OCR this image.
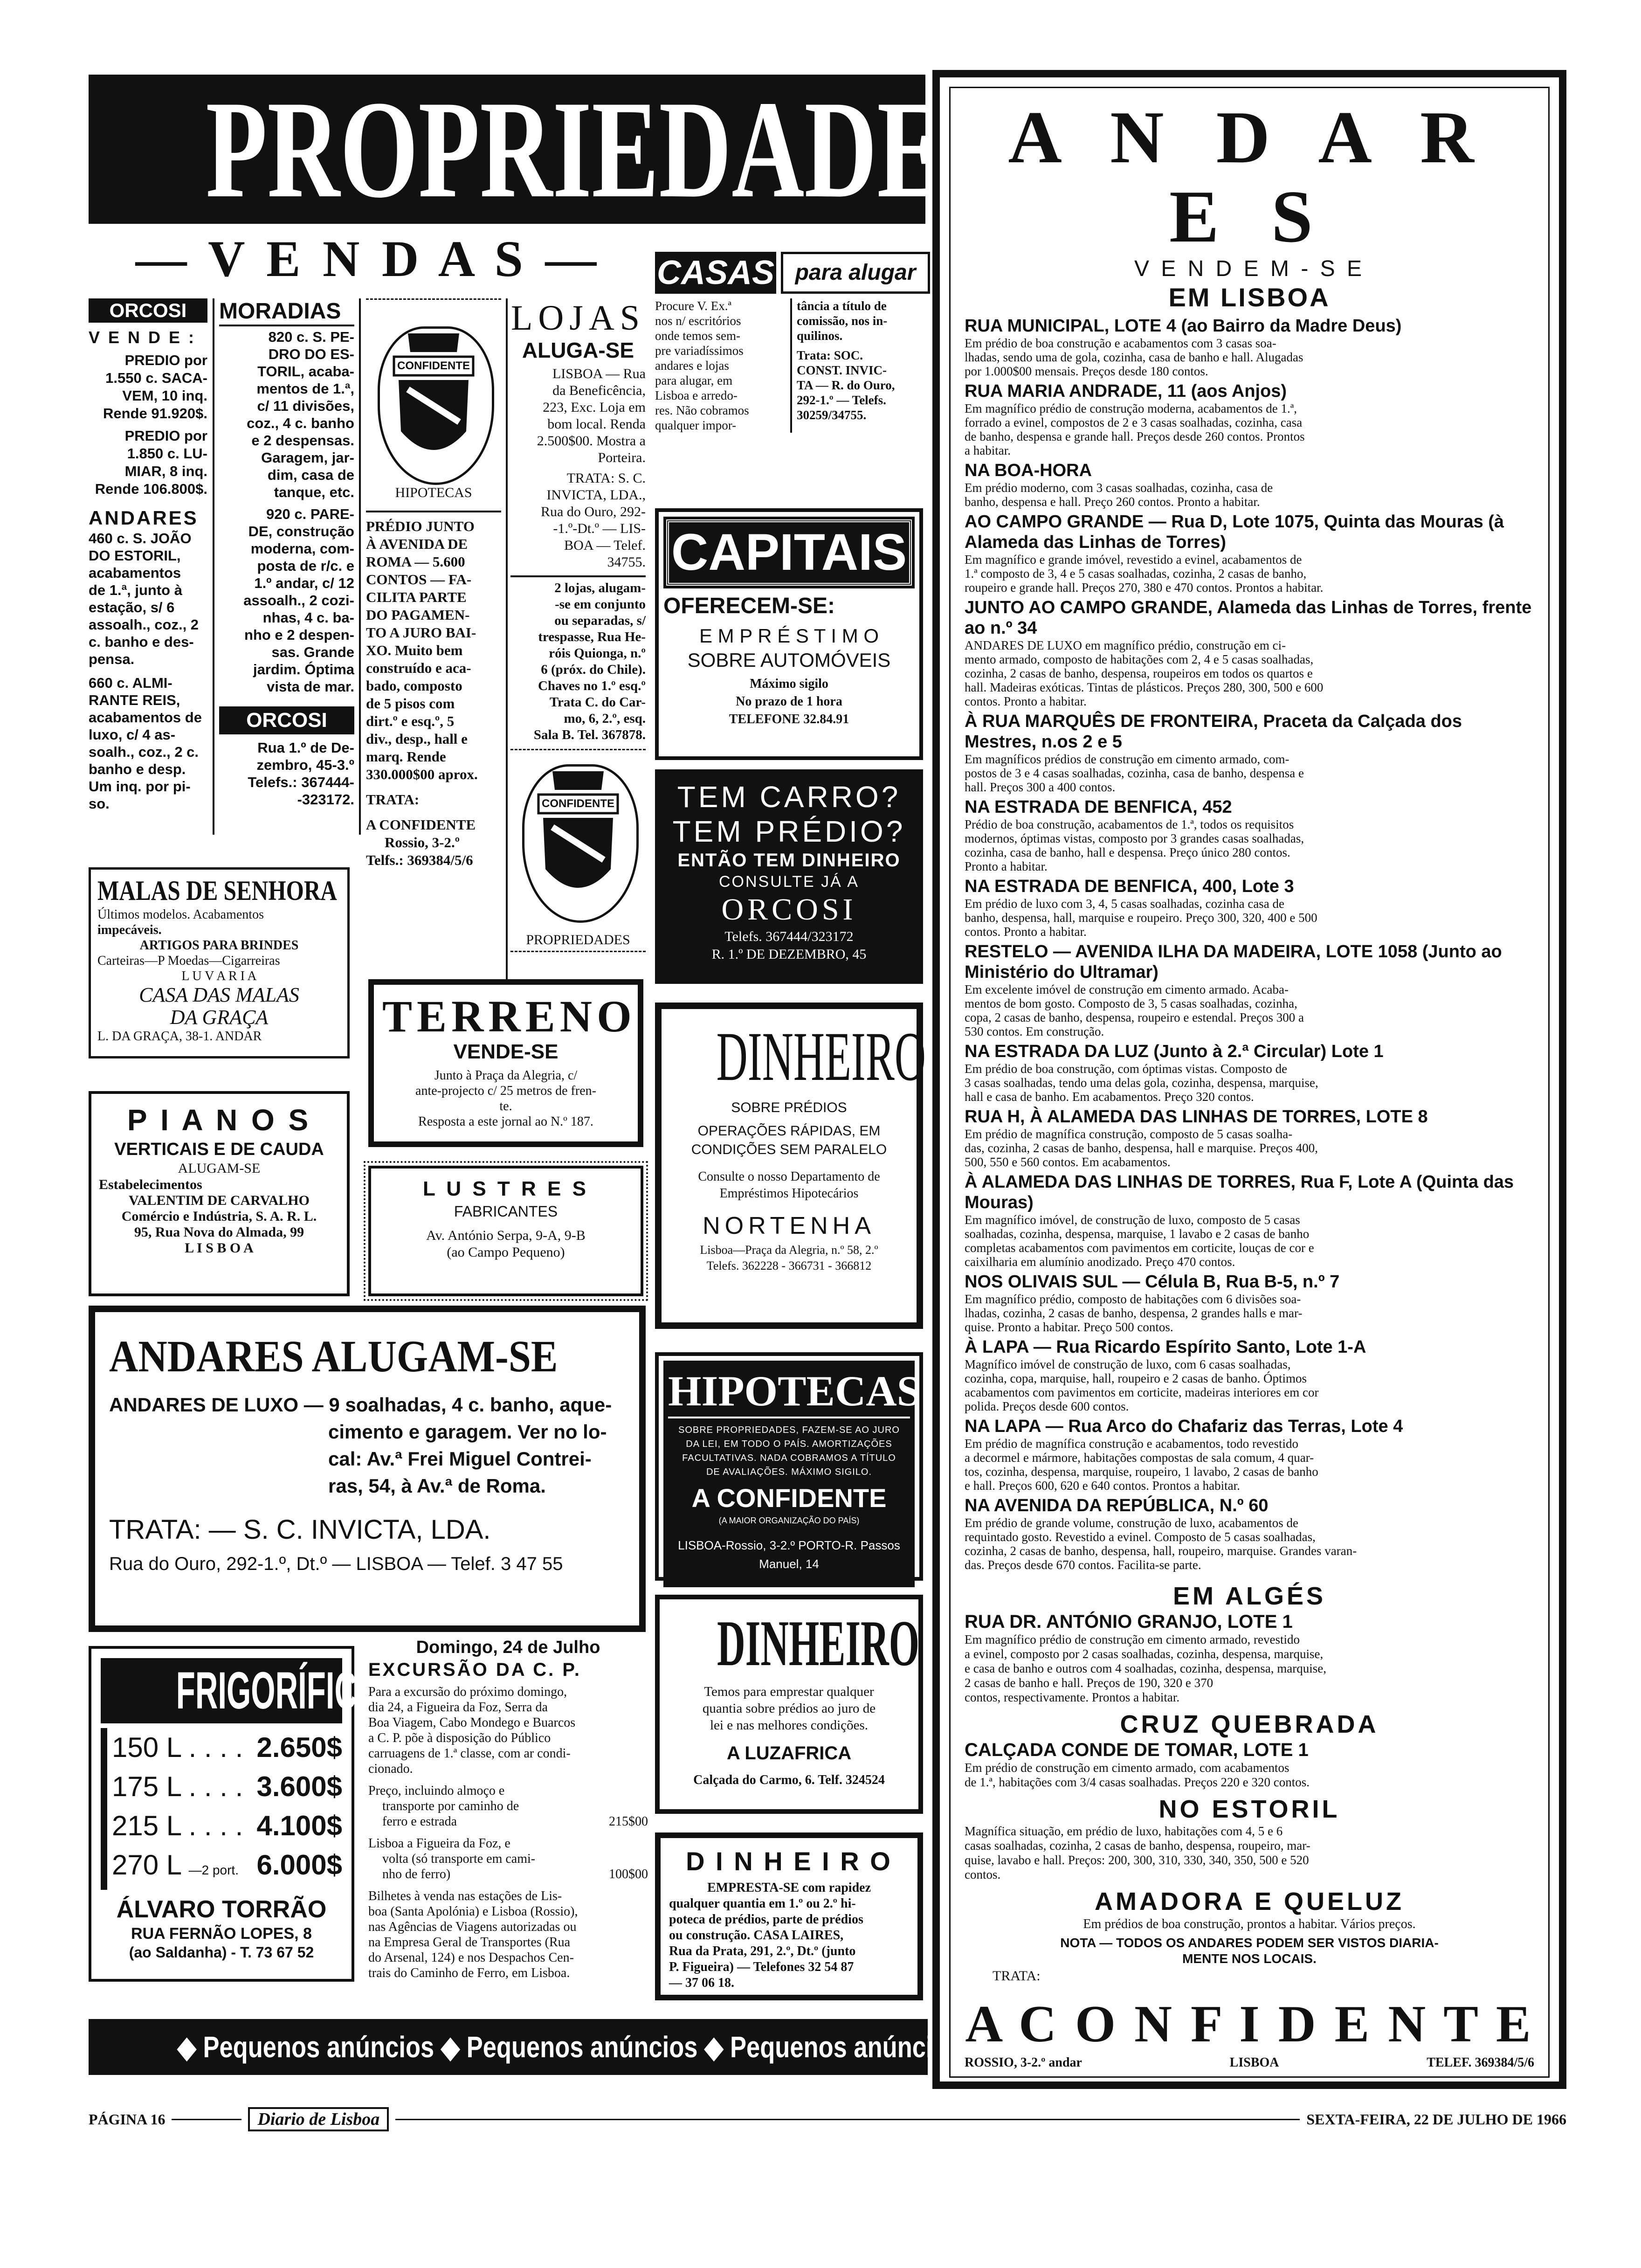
PROPRIEDADES
— V E N D A S —
ORCOSI
V E N D E :
PREDIO por
1.550 c. SACA-
VEM, 10 inq.
Rende 91.920$.
PREDIO por
1.850 c. LU-
MIAR, 8 inq.
Rende 106.800$.
ANDARES
460 c. S. JOÃO
DO ESTORIL,
acabamentos
de 1.ª, junto à
estação, s/ 6
assoalh., coz., 2
c. banho e des-
pensa.
660 c. ALMI-
RANTE REIS,
acabamentos de
luxo, c/ 4 as-
soalh., coz., 2 c.
banho e desp.
Um inq. por pi-
so.
MORADIAS
820 c. S. PE-
DRO DO ES-
TORIL, acaba-
mentos de 1.ª,
c/ 11 divisões,
coz., 4 c. banho
e 2 despensas.
Garagem, jar-
dim, casa de
tanque, etc.
920 c. PARE-
DE, construção
moderna, com-
posta de r/c. e
1.º andar, c/ 12
assoalh., 2 cozi-
nhas, 4 c. ba-
nho e 2 despen-
sas. Grande
jardim. Óptima
vista de mar.
ORCOSI
Rua 1.º de De-
zembro, 45-3.º
Telefs.: 367444-
-323172.
CONFIDENTE
HIPOTECAS
PRÉDIO JUNTO
À AVENIDA DE
ROMA — 5.600
CONTOS — FA-
CILITA PARTE
DO PAGAMEN-
TO A JURO BAI-
XO. Muito bem
construído e aca-
bado, composto
de 5 pisos com
dirt.º e esq.º, 5
div., desp., hall e
marq. Rende
330.000$00 aprox.
TRATA:
A CONFIDENTE
Rossio, 3-2.º
Telfs.: 369384/5/6
LOJAS
ALUGA-SE
LISBOA — Rua
da Beneficência,
223, Exc. Loja em
bom local. Renda
2.500$00. Mostra a
Porteira.
TRATA: S. C.
INVICTA, LDA.,
Rua do Ouro, 292-
-1.º-Dt.º — LIS-
BOA — Telef.
34755.
2 lojas, alugam-
-se em conjunto
ou separadas, s/
trespasse, Rua He-
róis Quionga, n.º
6 (próx. do Chile).
Chaves no 1.º esq.º
Trata C. do Car-
mo, 6, 2.º, esq.
Sala B. Tel. 367878.
CONFIDENTE
PROPRIEDADES
MALAS DE SENHORA
Últimos modelos. Acabamentos
impecáveis.
ARTIGOS PARA BRINDES
Carteiras—P Moedas—Cigarreiras
L U V A R I A
CASA DAS MALAS
DA GRAÇA
L. DA GRAÇA, 38-1. ANDAR
P I A N O S
VERTICAIS E DE CAUDA
ALUGAM-SE
Estabelecimentos
VALENTIM DE CARVALHO
Comércio e Indústria, S. A. R. L.
95, Rua Nova do Almada, 99
L I S B O A
TERRENO
VENDE-SE
Junto à Praça da Alegria, c/
ante-projecto c/ 25 metros de fren-
te.
Resposta a este jornal ao N.º 187.
L U S T R E S
FABRICANTES
Av. António Serpa, 9-A, 9-B
(ao Campo Pequeno)
ANDARES ALUGAM-SE
ANDARES DE LUXO — 9 soalhadas, 4 c. banho, aque-
cimento e garagem. Ver no lo-
cal: Av.ª Frei Miguel Contrei-
ras, 54, à Av.ª de Roma.
TRATA: — S. C. INVICTA, LDA.
Rua do Ouro, 292-1.º, Dt.º — LISBOA — Telef. 3 47 55
FRIGORÍFICOS
150 L . . . . 2.650$
175 L . . . . 3.600$
215 L . . . . 4.100$
270 L —2 port. 6.000$
ÁLVARO TORRÃO
RUA FERNÃO LOPES, 8
(ao Saldanha) - T. 73 67 52
Domingo, 24 de Julho
EXCURSÃO DA C. P.
Para a excursão do próximo domingo,
dia 24, a Figueira da Foz, Serra da
Boa Viagem, Cabo Mondego e Buarcos
a C. P. põe à disposição do Público
carruagens de 1.ª classe, com ar condi-
cionado.
Preço, incluindo almoço e
transporte por caminho de
ferro e estrada	215$00
Lisboa a Figueira da Foz, e
volta (só transporte em cami-
nho de ferro)	100$00
Bilhetes à venda nas estações de Lis-
boa (Santa Apolónia) e Lisboa (Rossio),
nas Agências de Viagens autorizadas ou
na Empresa Geral de Transportes (Rua
do Arsenal, 124) e nos Despachos Cen-
trais do Caminho de Ferro, em Lisboa.
◆ Pequenos anúncios ◆ Pequenos anúncios ◆ Pequenos anúncios ◆
CASAS para alugar
Procure V. Ex.ª
nos n/ escritórios
onde temos sem-
pre variadíssimos
andares e lojas
para alugar, em
Lisboa e arredo-
res. Não cobramos
qualquer impor-
tância a título de
comissão, nos in-
quilinos.
Trata: SOC.
CONST. INVIC-
TA — R. do Ouro,
292-1.º — Telefs.
30259/34755.
CAPITAIS
OFERECEM-SE:
E M P R É S T I M O
SOBRE AUTOMÓVEIS
Máximo sigilo
No prazo de 1 hora
TELEFONE 32.84.91
TEM CARRO?
TEM PRÉDIO?
ENTÃO TEM DINHEIRO
CONSULTE JÁ A
ORCOSI
Telefs. 367444/323172
R. 1.º DE DEZEMBRO, 45
DINHEIRO
SOBRE PRÉDIOS
OPERAÇÕES RÁPIDAS, EM
CONDIÇÕES SEM PARALELO
Consulte o nosso Departamento de
Empréstimos Hipotecários
NORTENHA
Lisboa—Praça da Alegria, n.º 58, 2.º
Telefs. 362228 - 366731 - 366812
HIPOTECAS
SOBRE PROPRIEDADES, FAZEM-SE AO JURO
DA LEI, EM TODO O PAÍS. AMORTIZAÇÕES
FACULTATIVAS. NADA COBRAMOS A TÍTULO
DE AVALIAÇÕES. MÁXIMO SIGILO.
A CONFIDENTE
(A MAIOR ORGANIZAÇÃO DO PAÍS)
LISBOA-Rossio, 3-2.º PORTO-R. Passos Manuel, 14
DINHEIRO
Temos para emprestar qualquer
quantia sobre prédios ao juro de
lei e nas melhores condições.
A LUZAFRICA
Calçada do Carmo, 6. Telf. 324524
D I N H E I R O
EMPRESTA-SE com rapidez
qualquer quantia em 1.º ou 2.º hi-
poteca de prédios, parte de prédios
ou construção. CASA LAIRES,
Rua da Prata, 291, 2.º, Dt.º (junto
P. Figueira) — Telefones 32 54 87
— 37 06 18.
A N D A R E S
V E N D E M - S E
EM LISBOA
RUA MUNICIPAL, LOTE 4 (ao Bairro da Madre Deus)
Em prédio de boa construção e acabamentos com 3 casas soa-
lhadas, sendo uma de gola, cozinha, casa de banho e hall. Alugadas
por 1.000$00 mensais. Preços desde 180 contos.
RUA MARIA ANDRADE, 11 (aos Anjos)
Em magnífico prédio de construção moderna, acabamentos de 1.ª,
forrado a evinel, compostos de 2 e 3 casas soalhadas, cozinha, casa
de banho, despensa e grande hall. Preços desde 260 contos. Prontos
a habitar.
NA BOA-HORA
Em prédio moderno, com 3 casas soalhadas, cozinha, casa de
banho, despensa e hall. Preço 260 contos. Pronto a habitar.
AO CAMPO GRANDE — Rua D, Lote 1075, Quinta das Mouras (à Alameda das Linhas de Torres)
Em magnífico e grande imóvel, revestido a evinel, acabamentos de
1.ª composto de 3, 4 e 5 casas soalhadas, cozinha, 2 casas de banho,
roupeiro e grande hall. Preços 270, 380 e 470 contos. Prontos a habitar.
JUNTO AO CAMPO GRANDE, Alameda das Linhas de Torres, frente ao n.º 34
ANDARES DE LUXO em magnífico prédio, construção em ci-
mento armado, composto de habitações com 2, 4 e 5 casas soalhadas,
cozinha, 2 casas de banho, despensa, roupeiros em todos os quartos e
hall. Madeiras exóticas. Tintas de plásticos. Preços 280, 300, 500 e 600
contos. Pronto a habitar.
À RUA MARQUÊS DE FRONTEIRA, Praceta da Calçada dos Mestres, n.os 2 e 5
Em magníficos prédios de construção em cimento armado, com-
postos de 3 e 4 casas soalhadas, cozinha, casa de banho, despensa e
hall. Preços 300 a 400 contos.
NA ESTRADA DE BENFICA, 452
Prédio de boa construção, acabamentos de 1.ª, todos os requisitos
modernos, óptimas vistas, composto por 3 grandes casas soalhadas,
cozinha, casa de banho, hall e despensa. Preço único 280 contos.
Pronto a habitar.
NA ESTRADA DE BENFICA, 400, Lote 3
Em prédio de luxo com 3, 4, 5 casas soalhadas, cozinha casa de
banho, despensa, hall, marquise e roupeiro. Preço 300, 320, 400 e 500
contos. Pronto a habitar.
RESTELO — AVENIDA ILHA DA MADEIRA, LOTE 1058 (Junto ao Ministério do Ultramar)
Em excelente imóvel de construção em cimento armado. Acaba-
mentos de bom gosto. Composto de 3, 5 casas soalhadas, cozinha,
copa, 2 casas de banho, despensa, roupeiro e estendal. Preços 300 a
530 contos. Em construção.
NA ESTRADA DA LUZ (Junto à 2.ª Circular) Lote 1
Em prédio de boa construção, com óptimas vistas. Composto de
3 casas soalhadas, tendo uma delas gola, cozinha, despensa, marquise,
hall e casa de banho. Em acabamentos. Preço 320 contos.
RUA H, À ALAMEDA DAS LINHAS DE TORRES, LOTE 8
Em prédio de magnífica construção, composto de 5 casas soalha-
das, cozinha, 2 casas de banho, despensa, hall e marquise. Preços 400,
500, 550 e 560 contos. Em acabamentos.
À ALAMEDA DAS LINHAS DE TORRES, Rua F, Lote A (Quinta das Mouras)
Em magnífico imóvel, de construção de luxo, composto de 5 casas
soalhadas, cozinha, despensa, marquise, 1 lavabo e 2 casas de banho
completas acabamentos com pavimentos em corticite, louças de cor e
caixilharia em alumínio anodizado. Preço 470 contos.
NOS OLIVAIS SUL — Célula B, Rua B-5, n.º 7
Em magnífico prédio, composto de habitações com 6 divisões soa-
lhadas, cozinha, 2 casas de banho, despensa, 2 grandes halls e mar-
quise. Pronto a habitar. Preço 500 contos.
À LAPA — Rua Ricardo Espírito Santo, Lote 1-A
Magnífico imóvel de construção de luxo, com 6 casas soalhadas,
cozinha, copa, marquise, hall, roupeiro e 2 casas de banho. Óptimos
acabamentos com pavimentos em corticite, madeiras interiores em cor
polida. Preços desde 600 contos.
NA LAPA — Rua Arco do Chafariz das Terras, Lote 4
Em prédio de magnífica construção e acabamentos, todo revestido
a decormel e mármore, habitações compostas de sala comum, 4 quar-
tos, cozinha, despensa, marquise, roupeiro, 1 lavabo, 2 casas de banho
e hall. Preços 600, 620 e 640 contos. Prontos a habitar.
NA AVENIDA DA REPÚBLICA, N.º 60
Em prédio de grande volume, construção de luxo, acabamentos de
requintado gosto. Revestido a evinel. Composto de 5 casas soalhadas,
cozinha, 2 casas de banho, despensa, hall, roupeiro, marquise. Grandes varan-
das. Preços desde 670 contos. Facilita-se parte.
EM ALGÉS
RUA DR. ANTÓNIO GRANJO, LOTE 1
Em magnífico prédio de construção em cimento armado, revestido
a evinel, composto por 2 casas soalhadas, cozinha, despensa, marquise,
e casa de banho e outros com 4 soalhadas, cozinha, despensa, marquise,
2 casas de banho e hall. Preços de 190, 320 e 370
contos, respectivamente. Prontos a habitar.
CRUZ QUEBRADA
CALÇADA CONDE DE TOMAR, LOTE 1
Em prédio de construção em cimento armado, com acabamentos
de 1.ª, habitações com 3/4 casas soalhadas. Preços 220 e 320 contos.
NO ESTORIL
Magnífica situação, em prédio de luxo, habitações com 4, 5 e 6
casas soalhadas, cozinha, 2 casas de banho, despensa, roupeiro, mar-
quise, lavabo e hall. Preços: 200, 300, 310, 330, 340, 350, 500 e 520
contos.
AMADORA E QUELUZ
Em prédios de boa construção, prontos a habitar. Vários preços.
NOTA — TODOS OS ANDARES PODEM SER VISTOS DIARIA-
MENTE NOS LOCAIS.
TRATA:
A C O N F I D E N T E
ROSSIO, 3-2.º andar	LISBOA	TELEF. 369384/5/6
PÁGINA 16	Diario de Lisboa	SEXTA-FEIRA, 22 DE JULHO DE 1966
